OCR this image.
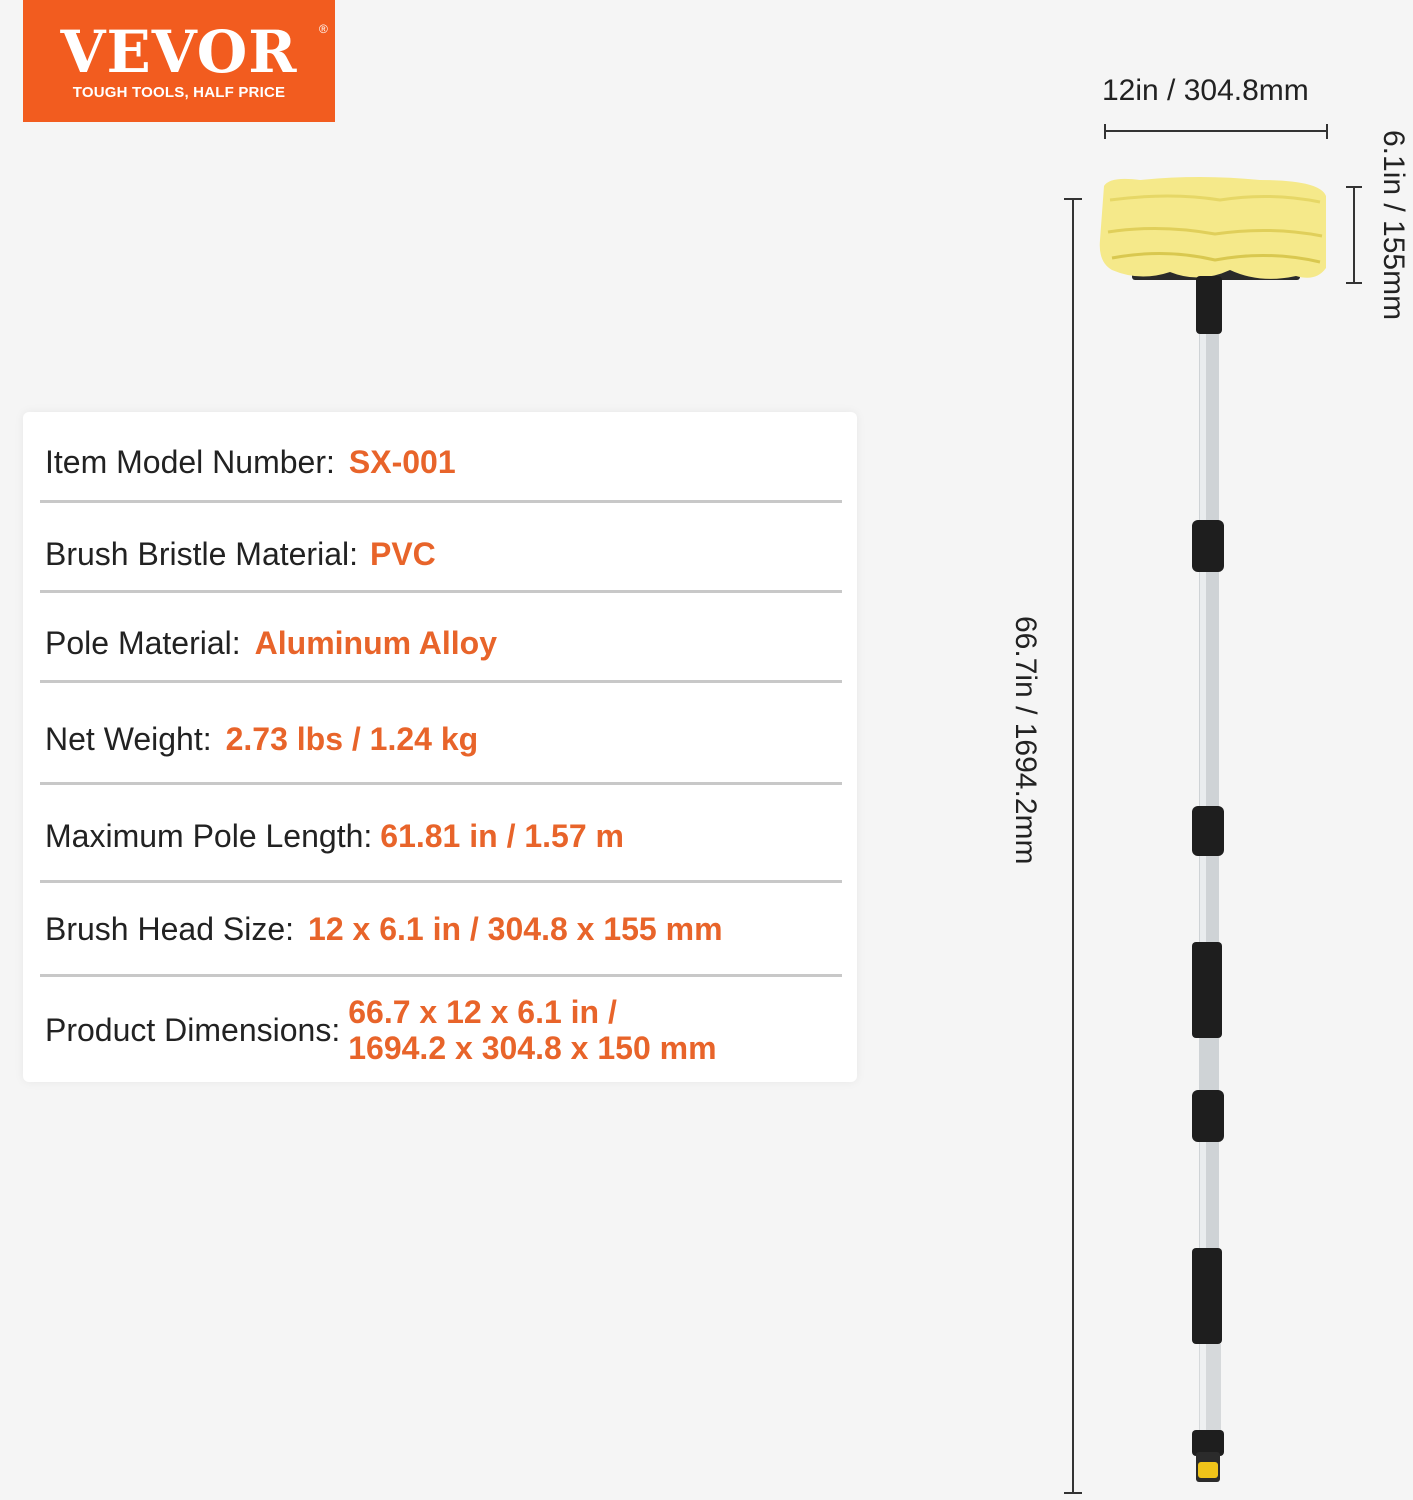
VEVOR	®
TOUGH TOOLS, HALF PRICE
Item Model Number: SX-001
Brush Bristle Material: PVC
Pole Material: Aluminum Alloy
Net Weight: 2.73 lbs / 1.24 kg
Maximum Pole Length: 61.81 in / 1.57 m
Brush Head Size: 12 x 6.1 in / 304.8 x 155 mm
Product Dimensions: 66.7 x 12 x 6.1 in /
1694.2 x 304.8 x 150 mm
12in / 304.8mm
6.1in / 155mm
66.7in / 1694.2mm
